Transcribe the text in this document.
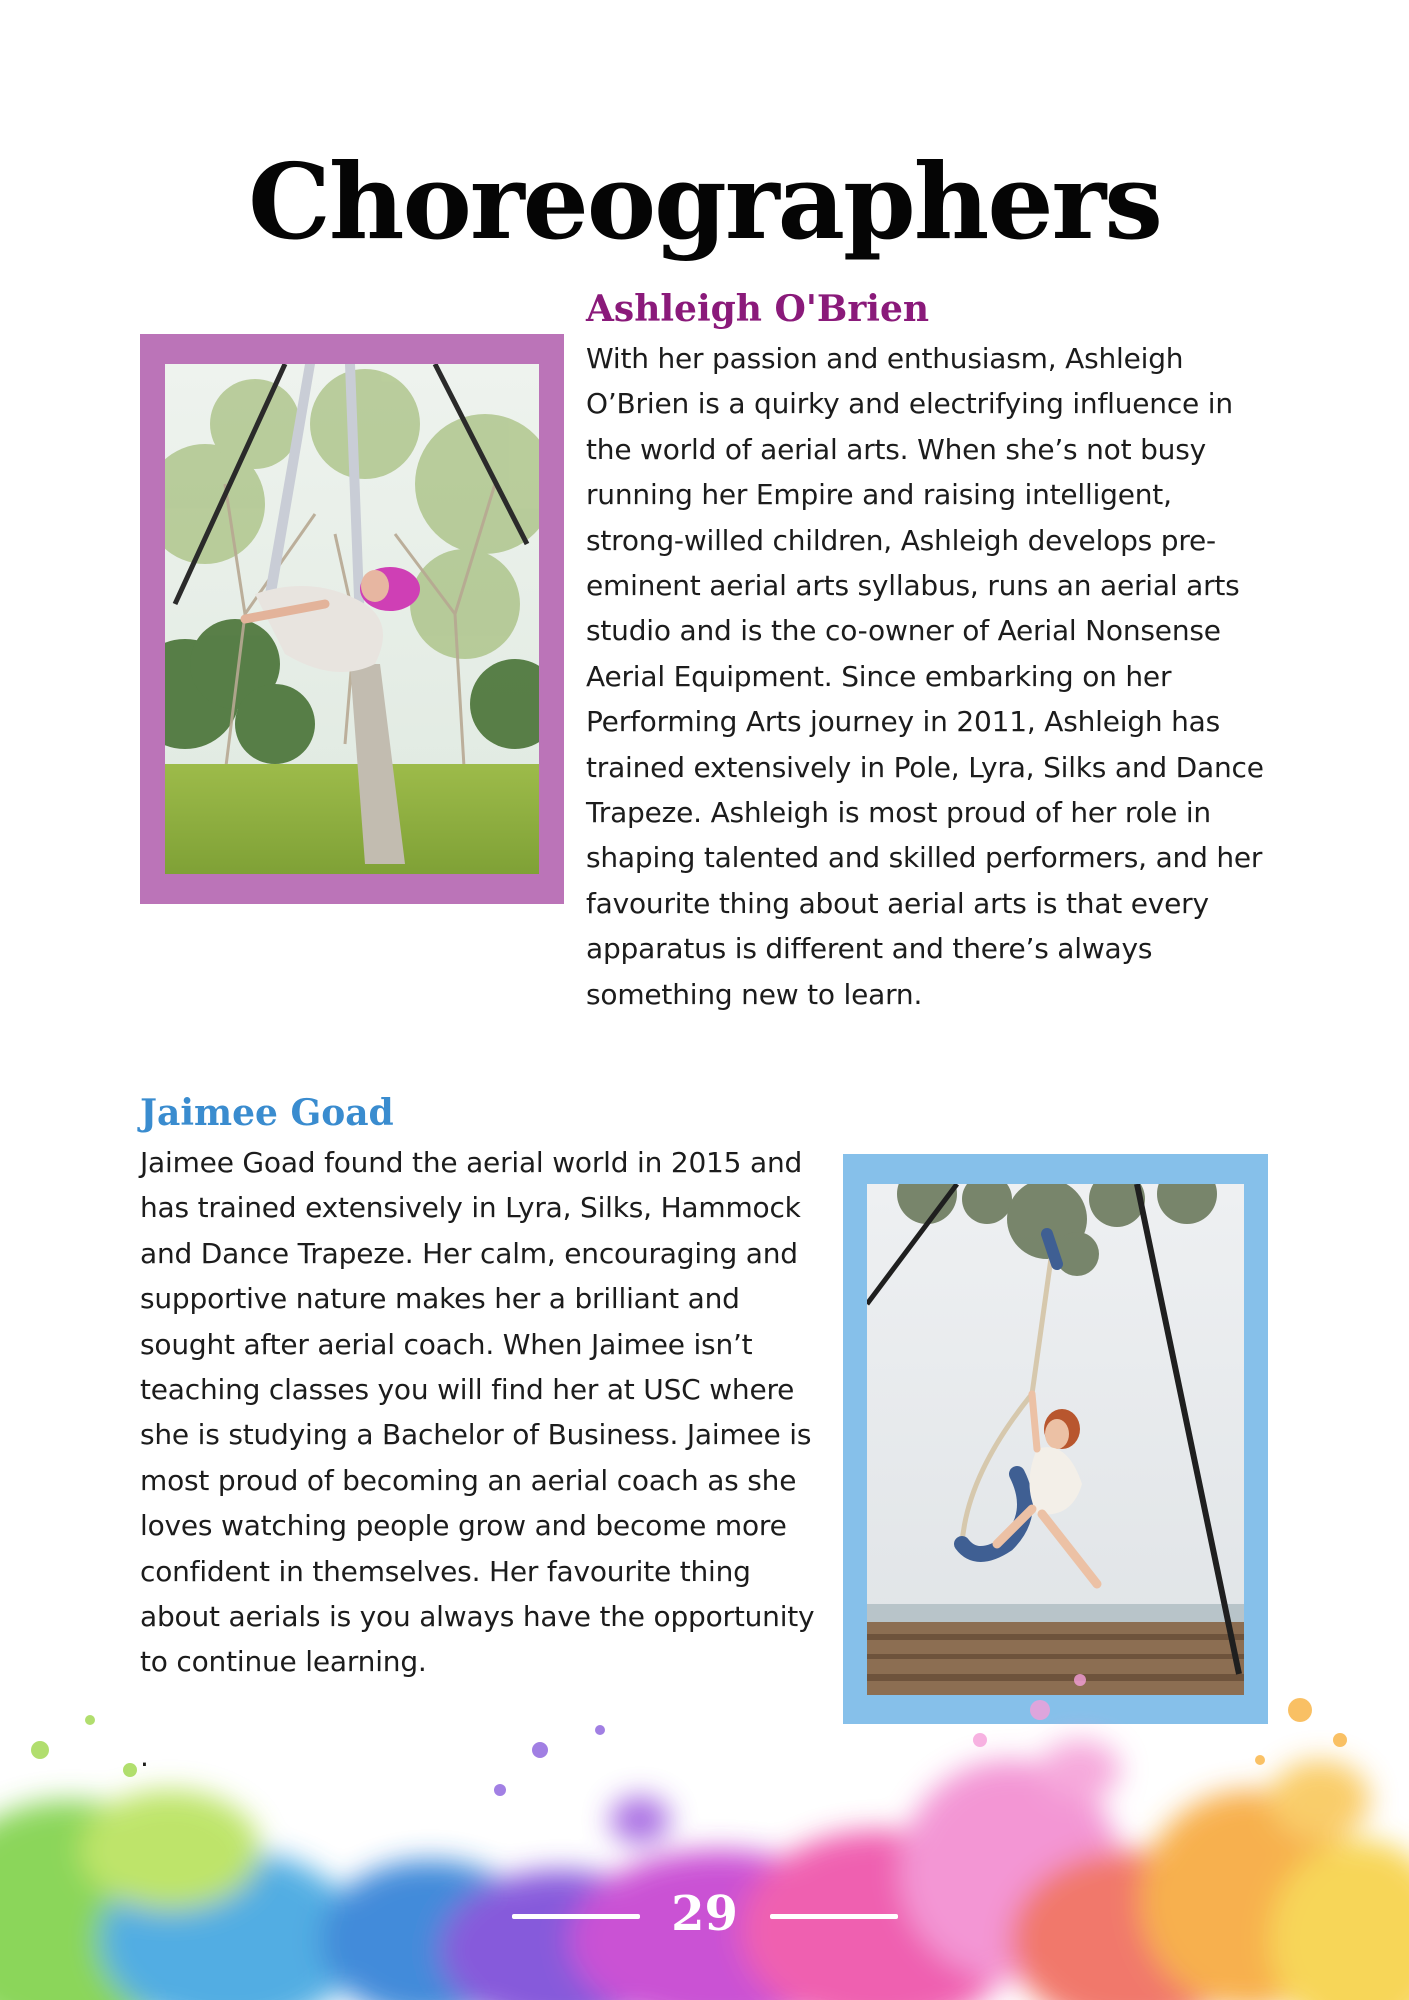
Choreographers
Ashleigh O'Brien

With her passion and enthusiasm, Ashleigh O’Brien is a quirky and electrifying influence in the world of aerial arts. When she’s not busy running her Empire and raising intelligent, strong-willed children, Ashleigh develops pre-eminent aerial arts syllabus, runs an aerial arts studio and is the co-owner of Aerial Nonsense Aerial Equipment. Since embarking on her Performing Arts journey in 2011, Ashleigh has trained extensively in Pole, Lyra, Silks and Dance Trapeze. Ashleigh is most proud of her role in shaping talented and skilled performers, and her favourite thing about aerial arts is that every apparatus is different and there’s always something new to learn.

Jaimee Goad

Jaimee Goad found the aerial world in 2015 and has trained extensively in Lyra, Silks, Hammock and Dance Trapeze. Her calm, encouraging and supportive nature makes her a brilliant and sought after aerial coach. When Jaimee isn’t teaching classes you will find her at USC where she is studying a Bachelor of Business. Jaimee is most proud of becoming an aerial coach as she loves watching people grow and become more confident in themselves. Her favourite thing about aerials is you always have the opportunity to continue learning.

.
29
